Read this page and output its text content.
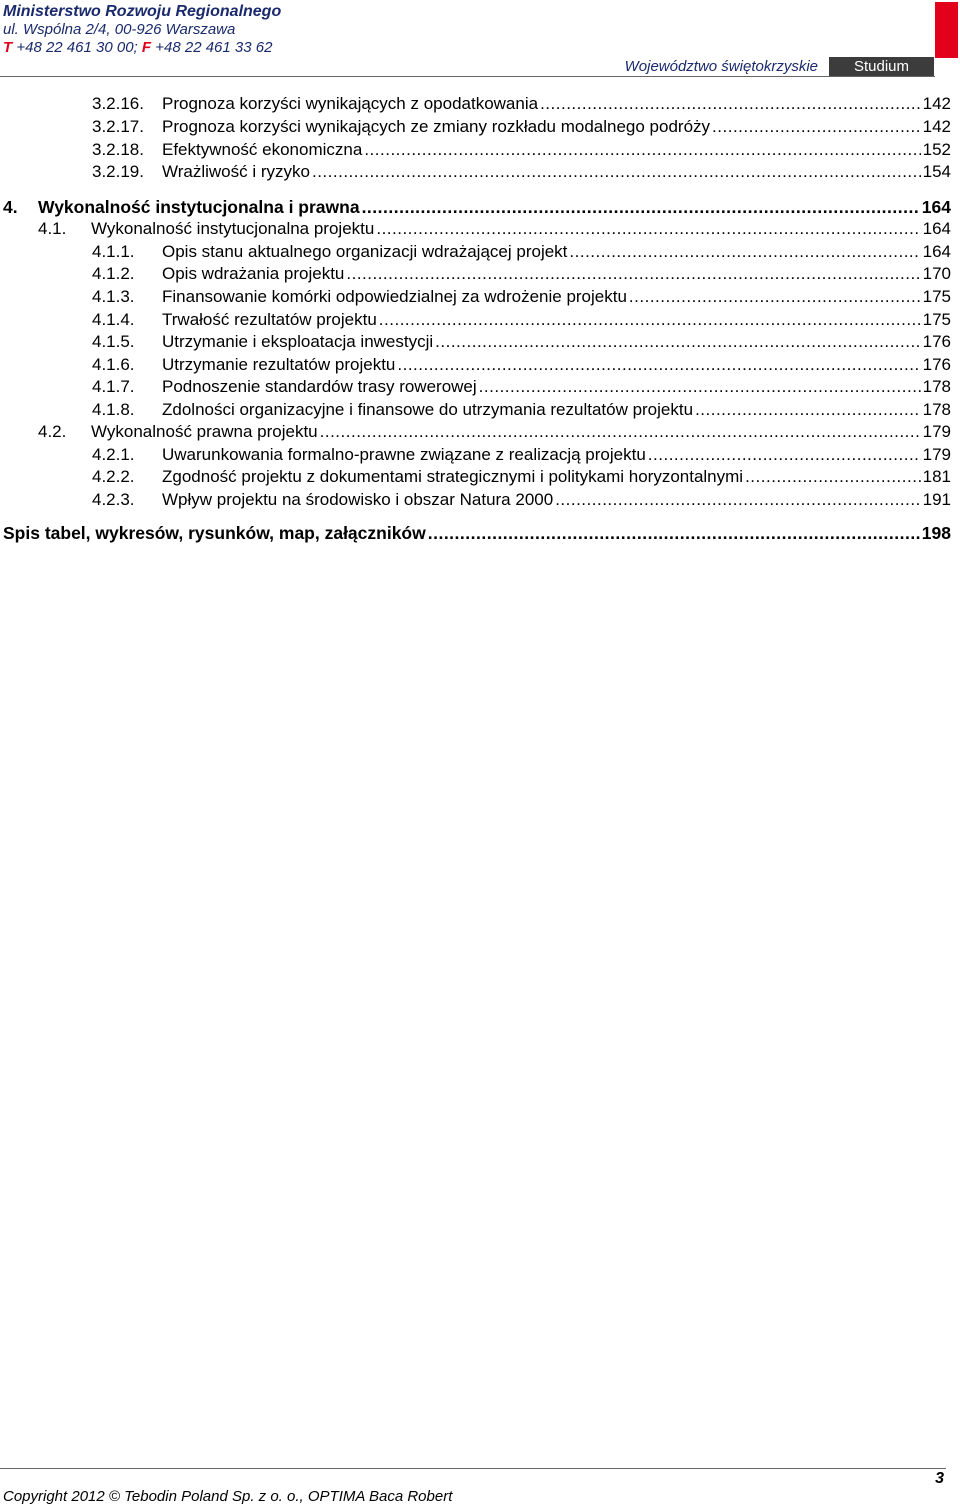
Ministerstwo Rozwoju Regionalnego
ul. Wspólna 2/4, 00-926 Warszawa
T +48 22 461 30 00; F +48 22 461 33 62
Województwo świętokrzyskie	Studium
3.2.16.	Prognoza korzyści wynikających z opodatkowania .....	142
3.2.17.	Prognoza korzyści wynikających ze zmiany rozkładu modalnego podróży .....	142
3.2.18.	Efektywność ekonomiczna .....	152
3.2.19.	Wrażliwość i ryzyko .....	154
4.	Wykonalność instytucjonalna i prawna .....	164
4.1.	Wykonalność instytucjonalna projektu .....	164
4.1.1.	Opis stanu aktualnego organizacji wdrażającej projekt .....	164
4.1.2.	Opis wdrażania projektu .....	170
4.1.3.	Finansowanie komórki odpowiedzialnej za wdrożenie projektu .....	175
4.1.4.	Trwałość rezultatów projektu .....	175
4.1.5.	Utrzymanie i eksploatacja inwestycji .....	176
4.1.6.	Utrzymanie rezultatów projektu .....	176
4.1.7.	Podnoszenie standardów trasy rowerowej .....	178
4.1.8.	Zdolności organizacyjne i finansowe do utrzymania rezultatów projektu .....	178
4.2.	Wykonalność prawna projektu .....	179
4.2.1.	Uwarunkowania formalno-prawne związane z realizacją projektu .....	179
4.2.2.	Zgodność projektu z dokumentami strategicznymi i politykami horyzontalnymi .....	181
4.2.3.	Wpływ projektu na środowisko i obszar Natura 2000 .....	191
Spis tabel, wykresów, rysunków, map, załączników .....	198
3
Copyright 2012 © Tebodin Poland Sp. z o. o., OPTIMA Baca Robert
